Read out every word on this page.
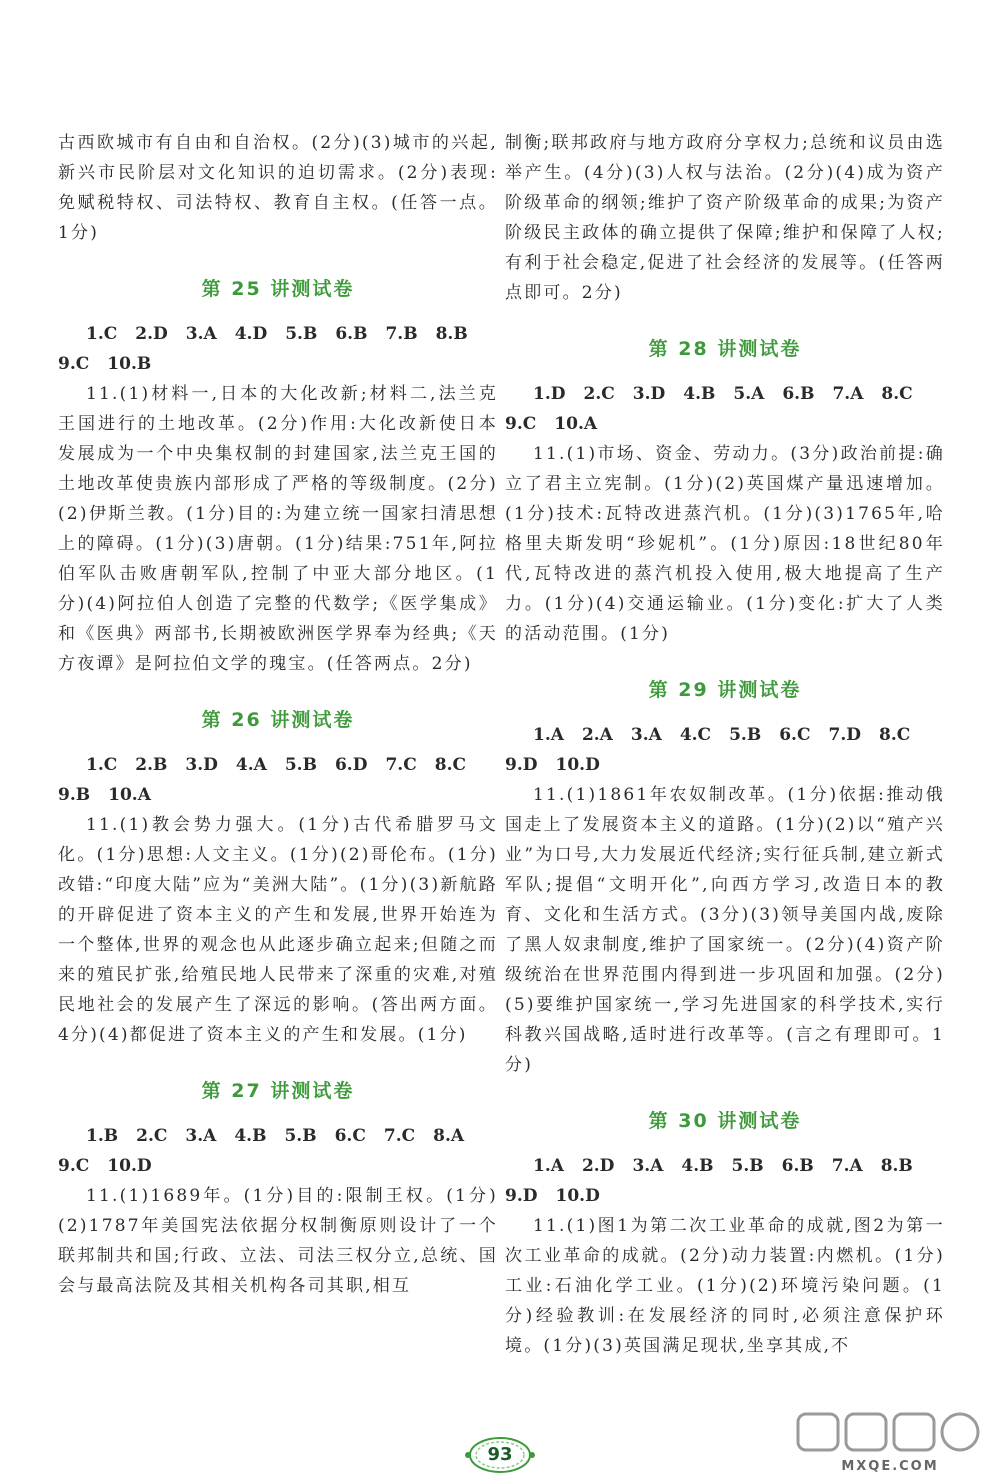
古西欧城市有自由和自治权。(2分)(3)城市的兴起,新兴市民阶层对文化知识的迫切需求。(2分)表现:免赋税特权、司法特权、教育自主权。(任答一点。1分)

第 25 讲测试卷

1.C 2.D 3.A 4.D 5.B 6.B 7.B 8.B
9.C 10.B

11.(1)材料一,日本的大化改新;材料二,法兰克王国进行的土地改革。(2分)作用:大化改新使日本发展成为一个中央集权制的封建国家,法兰克王国的土地改革使贵族内部形成了严格的等级制度。(2分)(2)伊斯兰教。(1分)目的:为建立统一国家扫清思想上的障碍。(1分)(3)唐朝。(1分)结果:751年,阿拉伯军队击败唐朝军队,控制了中亚大部分地区。(1分)(4)阿拉伯人创造了完整的代数学;《医学集成》和《医典》两部书,长期被欧洲医学界奉为经典;《天方夜谭》是阿拉伯文学的瑰宝。(任答两点。2分)

第 26 讲测试卷

1.C 2.B 3.D 4.A 5.B 6.D 7.C 8.C
9.B 10.A

11.(1)教会势力强大。(1分)古代希腊罗马文化。(1分)思想:人文主义。(1分)(2)哥伦布。(1分)改错:“印度大陆”应为“美洲大陆”。(1分)(3)新航路的开辟促进了资本主义的产生和发展,世界开始连为一个整体,世界的观念也从此逐步确立起来;但随之而来的殖民扩张,给殖民地人民带来了深重的灾难,对殖民地社会的发展产生了深远的影响。(答出两方面。4分)(4)都促进了资本主义的产生和发展。(1分)

第 27 讲测试卷

1.B 2.C 3.A 4.B 5.B 6.C 7.C 8.A
9.C 10.D

11.(1)1689年。(1分)目的:限制王权。(1分)(2)1787年美国宪法依据分权制衡原则设计了一个联邦制共和国;行政、立法、司法三权分立,总统、国会与最高法院及其相关机构各司其职,相互

制衡;联邦政府与地方政府分享权力;总统和议员由选举产生。(4分)(3)人权与法治。(2分)(4)成为资产阶级革命的纲领;维护了资产阶级革命的成果;为资产阶级民主政体的确立提供了保障;维护和保障了人权;有利于社会稳定,促进了社会经济的发展等。(任答两点即可。2分)

第 28 讲测试卷

1.D 2.C 3.D 4.B 5.A 6.B 7.A 8.C
9.C 10.A

11.(1)市场、资金、劳动力。(3分)政治前提:确立了君主立宪制。(1分)(2)英国煤产量迅速增加。(1分)技术:瓦特改进蒸汽机。(1分)(3)1765年,哈格里夫斯发明“珍妮机”。(1分)原因:18世纪80年代,瓦特改进的蒸汽机投入使用,极大地提高了生产力。(1分)(4)交通运输业。(1分)变化:扩大了人类的活动范围。(1分)

第 29 讲测试卷

1.A 2.A 3.A 4.C 5.B 6.C 7.D 8.C
9.D 10.D

11.(1)1861年农奴制改革。(1分)依据:推动俄国走上了发展资本主义的道路。(1分)(2)以“殖产兴业”为口号,大力发展近代经济;实行征兵制,建立新式军队;提倡“文明开化”,向西方学习,改造日本的教育、文化和生活方式。(3分)(3)领导美国内战,废除了黑人奴隶制度,维护了国家统一。(2分)(4)资产阶级统治在世界范围内得到进一步巩固和加强。(2分)(5)要维护国家统一,学习先进国家的科学技术,实行科教兴国战略,适时进行改革等。(言之有理即可。1分)

第 30 讲测试卷

1.A 2.D 3.A 4.B 5.B 6.B 7.A 8.B
9.D 10.D

11.(1)图1为第二次工业革命的成就,图2为第一次工业革命的成就。(2分)动力装置:内燃机。(1分)工业:石油化学工业。(1分)(2)环境污染问题。(1分)经验教训:在发展经济的同时,必须注意保护环境。(1分)(3)英国满足现状,坐享其成,不

93
MXQE.COM
